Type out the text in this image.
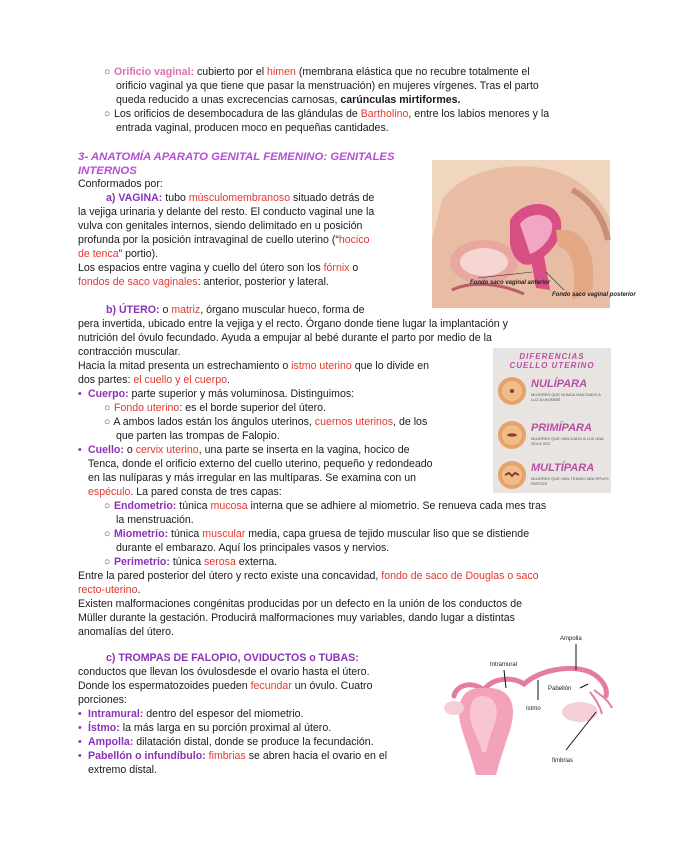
○ Orificio vaginal: cubierto por el himen (membrana elástica que no recubre totalmente el
orificio vaginal ya que tiene que pasar la menstruación) en mujeres vírgenes. Tras el parto
queda reducido a unas excrecencias carnosas, carúnculas mirtiformes.
○ Los orificios de desembocadura de las glándulas de Bartholino, entre los labios menores y la
entrada vaginal, producen moco en pequeñas cantidades.
3- ANATOMÍA APARATO GENITAL FEMENINO: GENITALES
INTERNOS
Conformados por:
a) VAGINA: tubo músculomembranoso situado detrás de
la vejiga urinaria y delante del resto. El conducto vaginal une la
vulva con genitales internos, siendo delimitado en u posición
profunda por la posición intravaginal de cuello uterino (“hocico
de tenca” portio).
Los espacios entre vagina y cuello del útero son los fórnix o
fondos de saco vaginales: anterior, posterior y lateral.	Fondo saco vaginal anterior
Fondo saco vaginal posterior
b) ÚTERO: o matriz, órgano muscular hueco, forma de
pera invertida, ubicado entre la vejiga y el recto. Órgano donde tiene lugar la implantación y
nutrición del óvulo fecundado. Ayuda a empujar al bebé durante el parto por medio de la
contracción muscular.
Hacia la mitad presenta un estrechamiento o istmo uterino que lo divide en
dos partes: el cuello y el cuerpo.
• Cuerpo: parte superior y más voluminosa. Distinguimos:
○ Fondo uterino: es el borde superior del útero.
○ A ambos lados están los ángulos uterinos, cuernos uterinos, de los
que parten las trompas de Falopio.
• Cuello: o cervix uterino, una parte se inserta en la vagina, hocico de
Tenca, donde el orificio externo del cuello uterino, pequeño y redondeado
en las nulíparas y más irregular en las multíparas. Se examina con un
espéculo. La pared consta de tres capas:
○ Endometrio: túnica mucosa interna que se adhiere al miometrio. Se renueva cada mes tras
la menstruación.
○ Miometrio: túnica muscular media, capa gruesa de tejido muscular liso que se distiende
durante el embarazo. Aquí los principales vasos y nervios.
○ Perimetrio: túnica serosa externa.
Entre la pared posterior del útero y recto existe una concavidad, fondo de saco de Douglas o saco
recto-uterino.
Existen malformaciones congénitas producidas por un defecto en la unión de los conductos de
Müller durante la gestación. Producirá malformaciones muy variables, dando lugar a distintas
anomalías del útero.
DIFERENCIAS
CUELLO UTERINO
NULÍPARA
MUJERES QUE NUNCA HAN DADO A LUZ A UN BEBÉ
PRIMÍPARA
MUJERES QUE HAN DADO A LUZ UNA SOLA VEZ
MULTÍPARA
MUJERES QUE HAN TENIDO MÚLTIPLES PARTOS
c) TROMPAS DE FALOPIO, OVIDUCTOS o TUBAS:
conductos que llevan los óvulosdesde el ovario hasta el útero.
Donde los espermatozoides pueden fecundar un óvulo. Cuatro
porciones:
• Intramural: dentro del espesor del miometrio.
• Ístmo: la más larga en su porción proximal al útero.
• Ampolla: dilatación distal, donde se produce la fecundación.
• Pabellón o infundíbulo: fimbrias se abren hacia el ovario en el
extremo distal.
Ampolla
Intramural
Pabellón
Istmo
fimbrias
